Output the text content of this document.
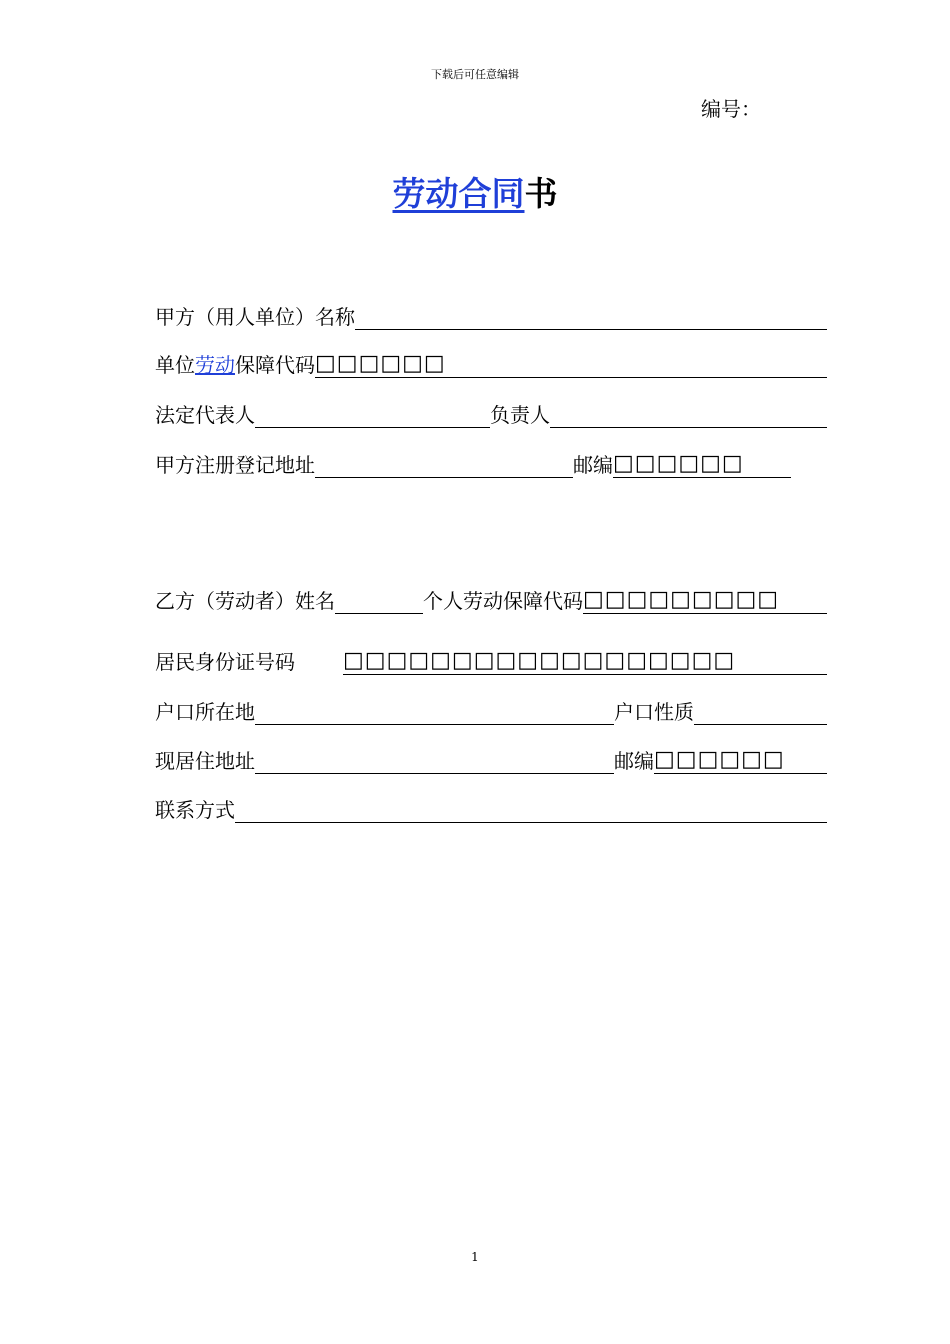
下载后可任意编辑
编号：
劳动合同书
甲方（用人单位）名称
单位劳动保障代码 □□□□□□
法定代表人	负责人
甲方注册登记地址	邮编 □□□□□□
乙方（劳动者）姓名	个人劳动保障代码 □□□□□□□□□
居民身份证号码	□□□□□□□□□□□□□□□□□□
户口所在地	户口性质
现居住地址	邮编 □□□□□□
联系方式
1
